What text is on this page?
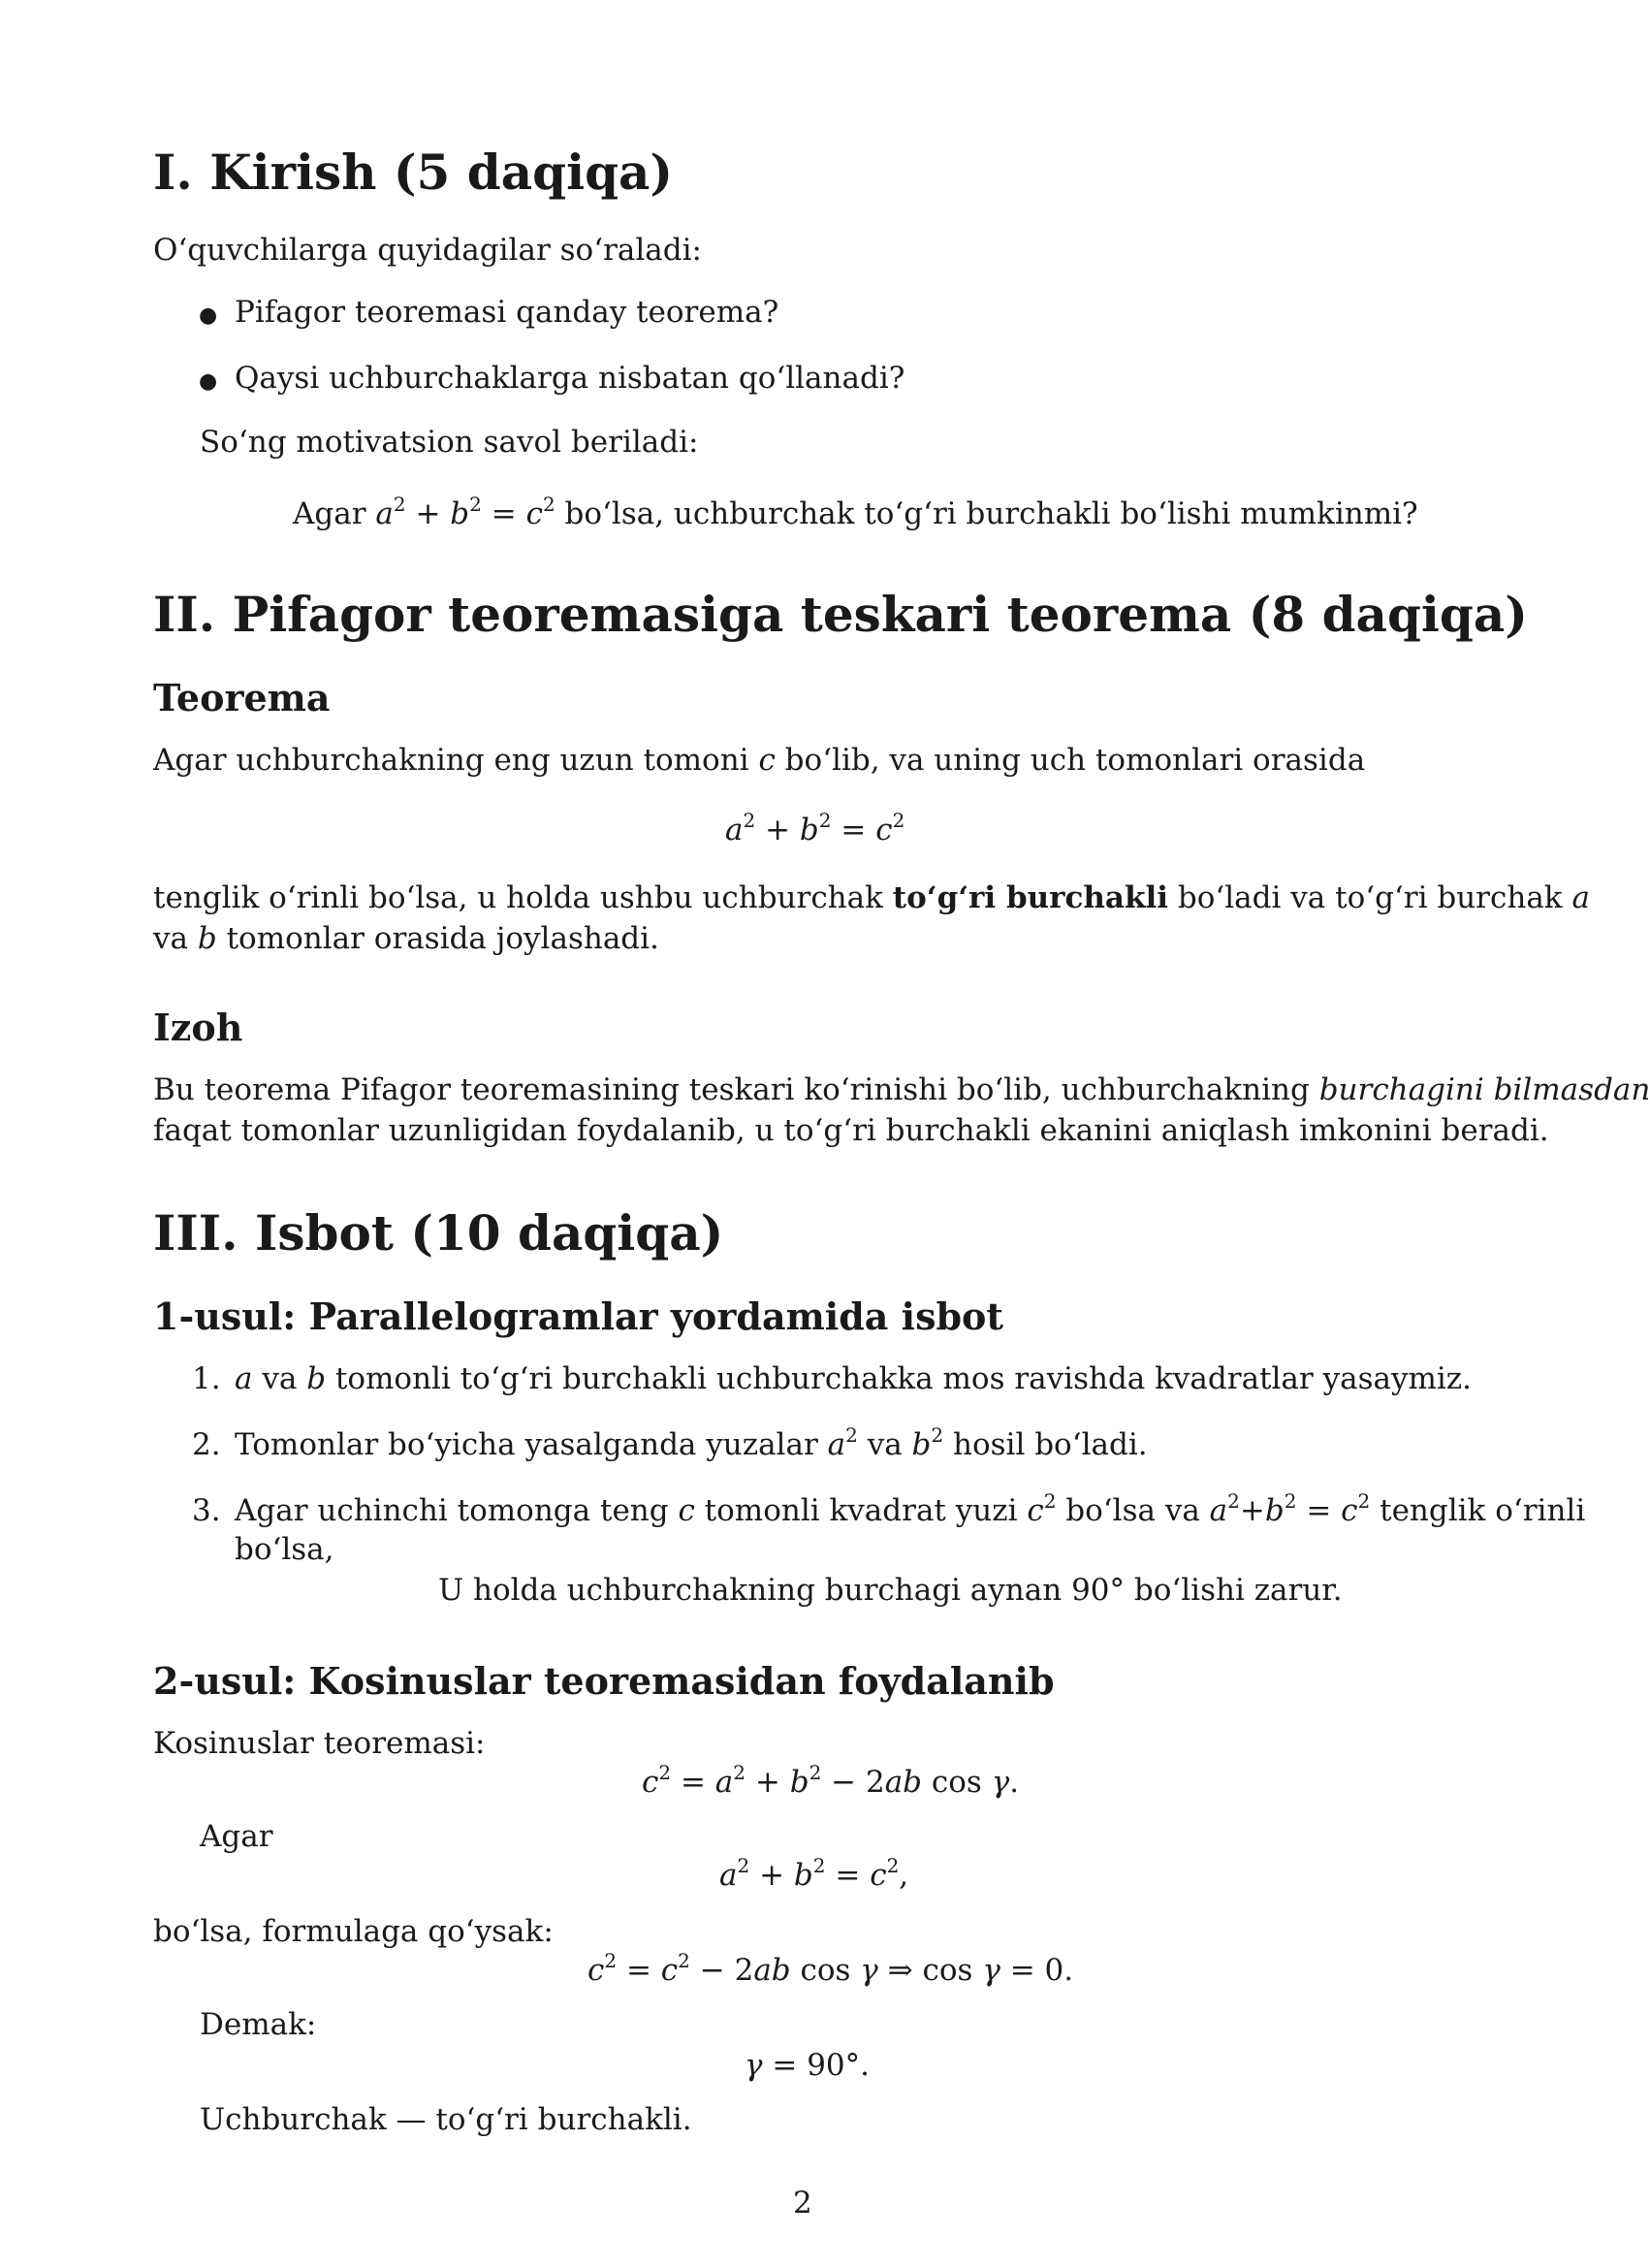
I. Kirish (5 daqiqa)
O‘quvchilarga quyidagilar so‘raladi:
● Pifagor teoremasi qanday teorema?
● Qaysi uchburchaklarga nisbatan qo‘llanadi?
So‘ng motivatsion savol beriladi:
Agar $a^2 + b^2 = c^2$ bo‘lsa, uchburchak to‘g‘ri burchakli bo‘lishi mumkinmi?
II. Pifagor teoremasiga teskari teorema (8 daqiqa)
Teorema
Agar uchburchakning eng uzun tomoni c bo‘lib, va uning uch tomonlari orasida
$a^2 + b^2 = c^2$
tenglik o‘rinli bo‘lsa, u holda ushbu uchburchak to‘g‘ri burchakli bo‘ladi va to‘g‘ri burchak a
va b tomonlar orasida joylashadi.
Izoh
Bu teorema Pifagor teoremasining teskari ko‘rinishi bo‘lib, uchburchakning burchagini bilmasdan
faqat tomonlar uzunligidan foydalanib, u to‘g‘ri burchakli ekanini aniqlash imkonini beradi.
III. Isbot (10 daqiqa)
1-usul: Parallelogramlar yordamida isbot
1. a va b tomonli to‘g‘ri burchakli uchburchakka mos ravishda kvadratlar yasaymiz.
2. Tomonlar bo‘yicha yasalganda yuzalar $a^2$ va $b^2$ hosil bo‘ladi.
3. Agar uchinchi tomonga teng c tomonli kvadrat yuzi $c^2$ bo‘lsa va $a^2+b^2 = c^2$ tenglik o‘rinli
bo‘lsa,
U holda uchburchakning burchagi aynan 90° bo‘lishi zarur.
2-usul: Kosinuslar teoremasidan foydalanib
Kosinuslar teoremasi:
$c^2 = a^2 + b^2 - 2ab$ cos γ.
Agar
$a^2 + b^2 = c^2$,
bo‘lsa, formulaga qo‘ysak:
$c^2 = c^2 - 2ab$ cos γ ⇒ cos γ = 0.
Demak:
γ = 90°.
Uchburchak — to‘g‘ri burchakli.
2
